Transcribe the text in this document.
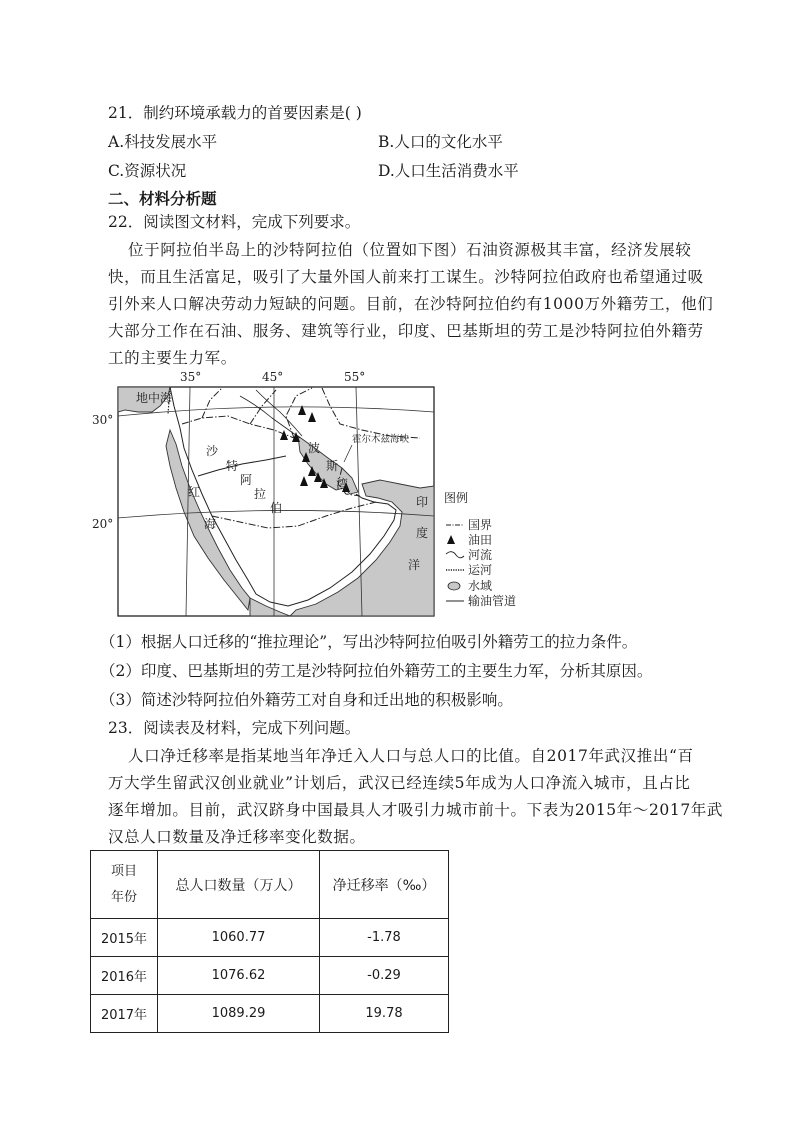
21．制约环境承载力的首要因素是( )
A.科技发展水平	B.人口的文化水平
C.资源状况	D.人口生活消费水平
二、材料分析题
22．阅读图文材料，完成下列要求。
位于阿拉伯半岛上的沙特阿拉伯（位置如下图）石油资源极其丰富，经济发展较
快，而且生活富足，吸引了大量外国人前来打工谋生。沙特阿拉伯政府也希望通过吸
引外来人口解决劳动力短缺的问题。目前，在沙特阿拉伯约有1000万外籍劳工，他们
大部分工作在石油、服务、建筑等行业，印度、巴基斯坦的劳工是沙特阿拉伯外籍劳
工的主要生力军。
35°	45°	55°
30°
20°
地中海
霍尔木兹海峡
沙
特
阿
拉
伯
波
斯
湾
红
海
印
度
洋
图例
国界
油田
河流
运河
水域
输油管道
（1）根据人口迁移的“推拉理论”，写出沙特阿拉伯吸引外籍劳工的拉力条件。
（2）印度、巴基斯坦的劳工是沙特阿拉伯外籍劳工的主要生力军，分析其原因。
（3）简述沙特阿拉伯外籍劳工对自身和迁出地的积极影响。
23．阅读表及材料，完成下列问题。
人口净迁移率是指某地当年净迁入人口与总人口的比值。自2017年武汉推出“百
万大学生留武汉创业就业”计划后，武汉已经连续5年成为人口净流入城市，且占比
逐年增加。目前，武汉跻身中国最具人才吸引力城市前十。下表为2015年～2017年武
汉总人口数量及净迁移率变化数据。
项目
年份	总人口数量（万人）	净迁移率（‰）
2015年	1060.77	-1.78
2016年	1076.62	-0.29
2017年	1089.29	19.78
